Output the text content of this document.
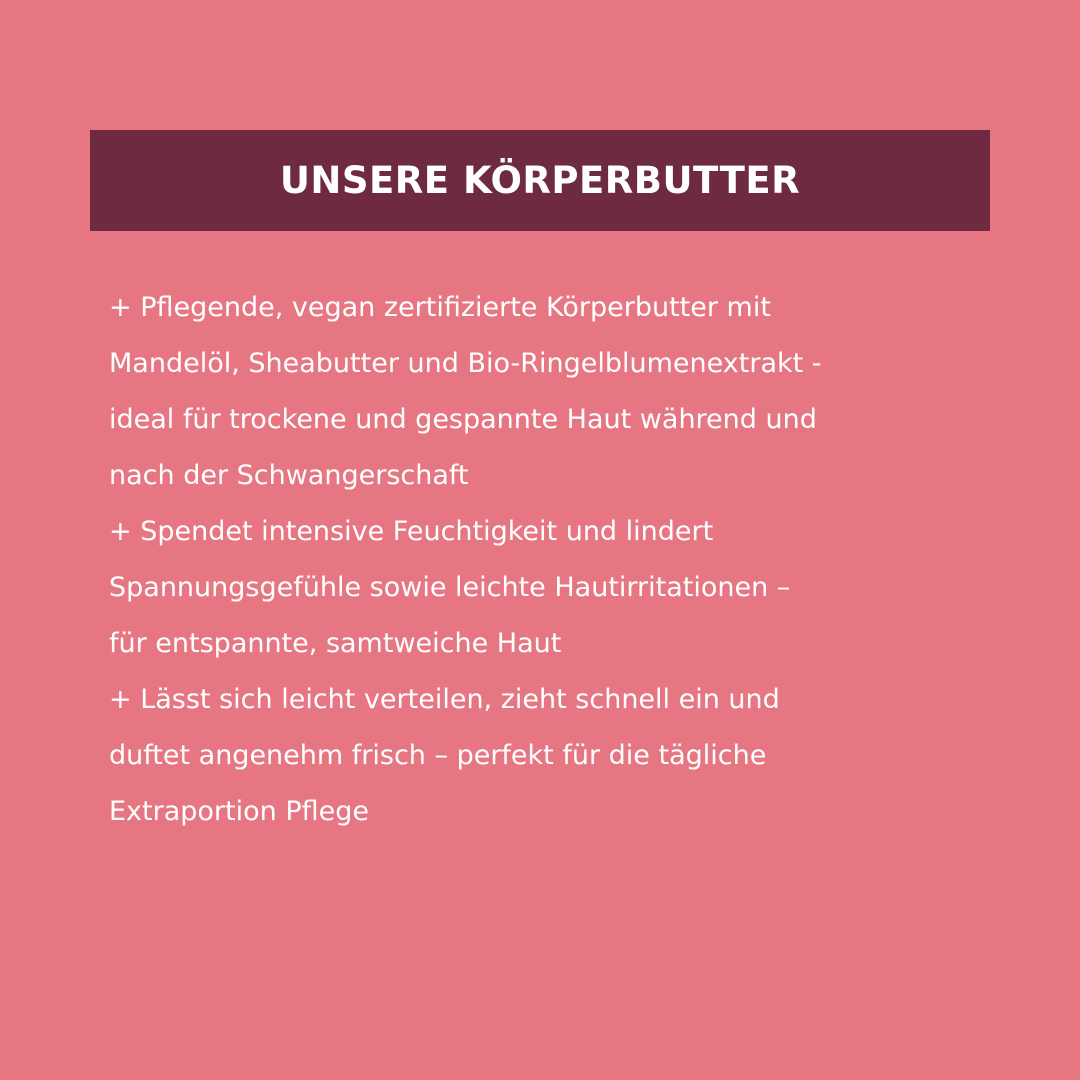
UNSERE KÖRPERBUTTER
+ Pflegende, vegan zertifizierte Körperbutter mit
Mandelöl, Sheabutter und Bio-Ringelblumenextrakt -
ideal für trockene und gespannte Haut während und
nach der Schwangerschaft
+ Spendet intensive Feuchtigkeit und lindert
Spannungsgefühle sowie leichte Hautirritationen –
für entspannte, samtweiche Haut
+ Lässt sich leicht verteilen, zieht schnell ein und
duftet angenehm frisch – perfekt für die tägliche
Extraportion Pflege
